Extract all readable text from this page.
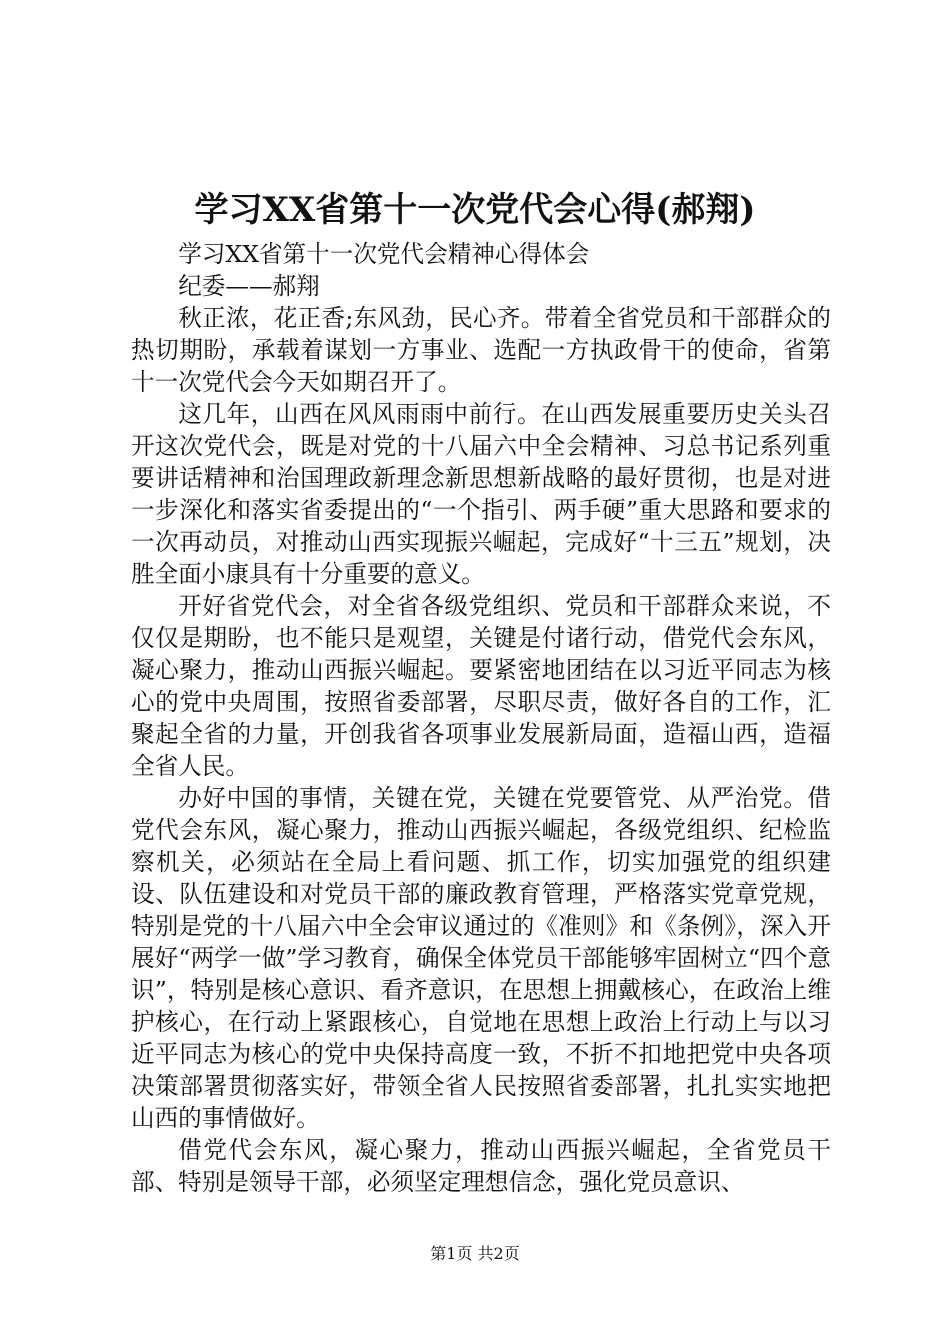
学习XX省第十一次党代会心得(郝翔)

学习XX省第十一次党代会精神心得体会

纪委——郝翔

秋正浓，花正香;东风劲，民心齐。带着全省党员和干部群众的热切期盼，承载着谋划一方事业、选配一方执政骨干的使命，省第十一次党代会今天如期召开了。

这几年，山西在风风雨雨中前行。在山西发展重要历史关头召开这次党代会，既是对党的十八届六中全会精神、习总书记系列重要讲话精神和治国理政新理念新思想新战略的最好贯彻，也是对进一步深化和落实省委提出的“一个指引、两手硬”重大思路和要求的一次再动员，对推动山西实现振兴崛起，完成好“十三五”规划，决胜全面小康具有十分重要的意义。

开好省党代会，对全省各级党组织、党员和干部群众来说，不仅仅是期盼，也不能只是观望，关键是付诸行动，借党代会东风，凝心聚力，推动山西振兴崛起。要紧密地团结在以习近平同志为核心的党中央周围，按照省委部署，尽职尽责，做好各自的工作，汇聚起全省的力量，开创我省各项事业发展新局面，造福山西，造福全省人民。

办好中国的事情，关键在党，关键在党要管党、从严治党。借党代会东风，凝心聚力，推动山西振兴崛起，各级党组织、纪检监察机关，必须站在全局上看问题、抓工作，切实加强党的组织建设、队伍建设和对党员干部的廉政教育管理，严格落实党章党规，特别是党的十八届六中全会审议通过的《准则》和《条例》，深入开展好“两学一做”学习教育，确保全体党员干部能够牢固树立“四个意识”，特别是核心意识、看齐意识，在思想上拥戴核心，在政治上维护核心，在行动上紧跟核心，自觉地在思想上政治上行动上与以习近平同志为核心的党中央保持高度一致，不折不扣地把党中央各项决策部署贯彻落实好，带领全省人民按照省委部署，扎扎实实地把山西的事情做好。

借党代会东风，凝心聚力，推动山西振兴崛起，全省党员干部、特别是领导干部，必须坚定理想信念，强化党员意识、

第1页 共2页
